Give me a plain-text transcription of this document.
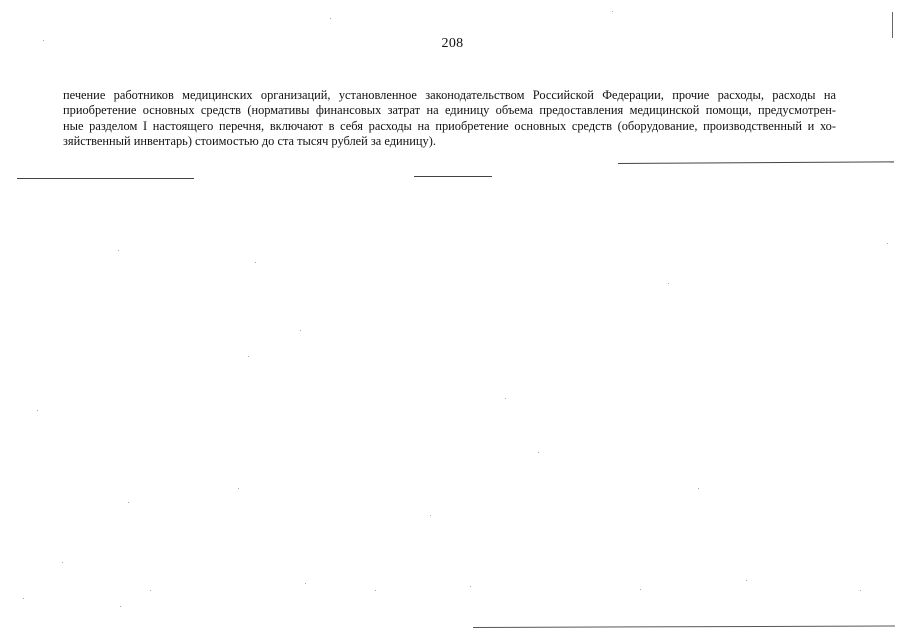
208

печение работников медицинских организаций, установленное законодательством Российской Федерации, прочие расходы, расходы на
приобретение основных средств (нормативы финансовых затрат на единицу объема предоставления медицинской помощи, предусмотрен-
ные разделом I настоящего перечня, включают в себя расходы на приобретение основных средств (оборудование, производственный и хо-
зяйственный инвентарь) стоимостью до ста тысяч рублей за единицу).
